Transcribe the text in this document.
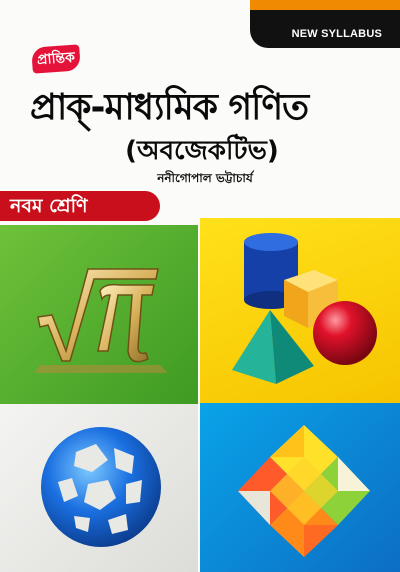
NEW SYLLABUS
প্রান্তিক
প্রাক্-মাধ্যমিক গণিত
(অবজেকটিভ)
ননীগোপাল ভট্টাচার্য
নবম শ্রেণি
